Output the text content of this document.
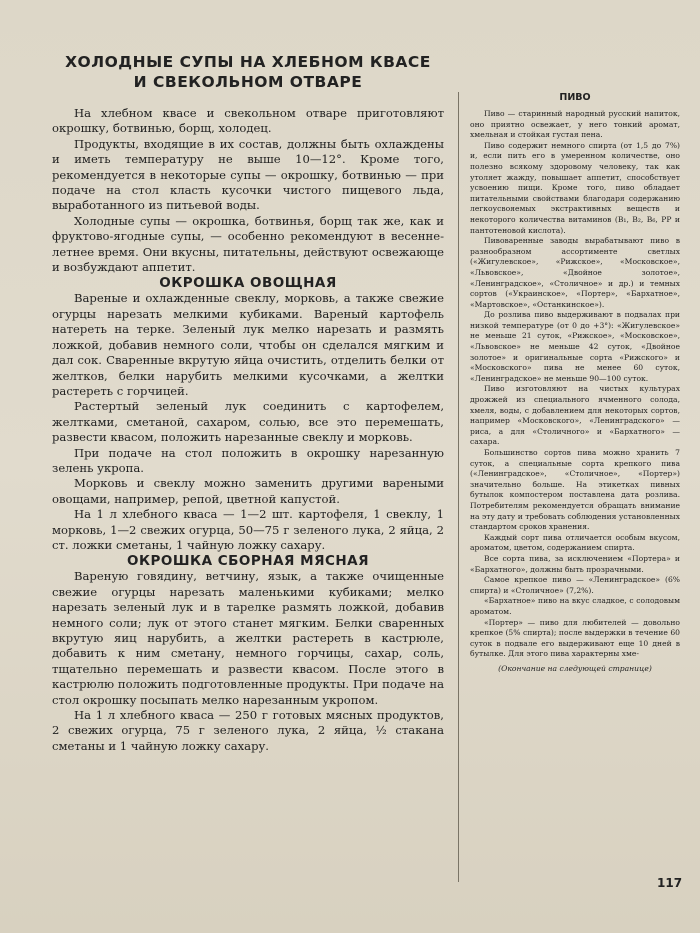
ХОЛОДНЫЕ СУПЫ НА ХЛЕБНОМ КВАСЕ
И СВЕКОЛЬНОМ ОТВАРЕ

На хлебном квасе и свекольном отваре приготовляют окрошку, ботвинью, борщ, холодец.

Продукты, входящие в их состав, должны быть охлаждены и иметь температуру не выше 10—12°. Кроме того, рекомендуется в некоторые супы — окрошку, ботвинью — при подаче на стол класть кусочки чистого пищевого льда, выработанного из питьевой воды.

Холодные супы — окрошка, ботвинья, борщ так же, как и фруктово-ягодные супы, — особенно рекомендуют в весенне-летнее время. Они вкусны, питательны, действуют освежающе и возбуждают аппетит.

ОКРОШКА ОВОЩНАЯ

Вареные и охлажденные свеклу, морковь, а также свежие огурцы нарезать мелкими кубиками. Вареный картофель натереть на терке. Зеленый лук мелко нарезать и размять ложкой, добавив немного соли, чтобы он сделался мягким и дал сок. Сваренные вкрутую яйца очистить, отделить белки от желтков, белки нарубить мелкими кусочками, а желтки растереть с горчицей.

Растертый зеленый лук соединить с картофелем, желтками, сметаной, сахаром, солью, все это перемешать, развести квасом, положить нарезанные свеклу и морковь.

При подаче на стол положить в окрошку нарезанную зелень укропа.

Морковь и свеклу можно заменить другими вареными овощами, например, репой, цветной капустой.

На 1 л хлебного кваса — 1—2 шт. картофеля, 1 свеклу, 1 морковь, 1—2 свежих огурца, 50—75 г зеленого лука, 2 яйца, 2 ст. ложки сметаны, 1 чайную ложку сахару.

ОКРОШКА СБОРНАЯ МЯСНАЯ

Вареную говядину, ветчину, язык, а также очищенные свежие огурцы нарезать маленькими кубиками; мелко нарезать зеленый лук и в тарелке размять ложкой, добавив немного соли; лук от этого станет мягким. Белки сваренных вкрутую яиц нарубить, а желтки растереть в кастрюле, добавить к ним сметану, немного горчицы, сахар, соль, тщательно перемешать и развести квасом. После этого в кастрюлю положить подготовленные продукты. При подаче на стол окрошку посыпать мелко нарезанным укропом.

На 1 л хлебного кваса — 250 г готовых мясных продуктов, 2 свежих огурца, 75 г зеленого лука, 2 яйца, ½ стакана сметаны и 1 чайную ложку сахару.

ПИВО

Пиво — старинный народный русский напиток, оно приятно освежает, у него тонкий аромат, хмельная и стойкая густая пена.

Пиво содержит немного спирта (от 1,5 до 7%) и, если пить его в умеренном количестве, оно полезно всякому здоровому человеку, так как утоляет жажду, повышает аппетит, способствует усвоению пищи. Кроме того, пиво обладает питательными свойствами благодаря содержанию легкоусвояемых экстрактивных веществ и некоторого количества витаминов (B₁, B₂, B₆, PP и пантотеновой кислота).

Пивоваренные заводы вырабатывают пиво в разнообразном ассортименте светлых («Жигулевское», «Рижское», «Московское», «Львовское», «Двойное золотое», «Ленинградское», «Столичное» и др.) и темных сортов («Украинское», «Портер», «Бархатное», «Мартовское», «Останкинское»).

До розлива пиво выдерживают в подвалах при низкой температуре (от 0 до +3°): «Жигулевское» не меньше 21 суток, «Рижское», «Московское», «Львовское» не меньше 42 суток, «Двойное золотое» и оригинальные сорта «Рижского» и «Московского» пива не менее 60 суток, «Ленинградское» не меньше 90—100 суток.

Пиво изготовляют на чистых культурах дрожжей из специального ячменного солода, хмеля, воды, с добавлением для некоторых сортов, например «Московского», «Ленинградского» — риса, а для «Столичного» и «Бархатного» — сахара.

Большинство сортов пива можно хранить 7 суток, а специальные сорта крепкого пива («Ленинградское», «Столичное», «Портер») значительно больше. На этикетках пивных бутылок компостером поставлена дата розлива. Потребителям рекомендуется обращать внимание на эту дату и требовать соблюдения установленных стандартом сроков хранения.

Каждый сорт пива отличается особым вкусом, ароматом, цветом, содержанием спирта.

Все сорта пива, за исключением «Портера» и «Бархатного», должны быть прозрачными.

Самое крепкое пиво — «Ленинградское» (6% спирта) и «Столичное» (7,2%).

«Бархатное» пиво на вкус сладкое, с солодовым ароматом.

«Портер» — пиво для любителей — довольно крепкое (5% спирта); после выдержки в течение 60 суток в подвале его выдерживают еще 10 дней в бутылке. Для этого пива характерны хме-

(Окончание на следующей странице)

117
